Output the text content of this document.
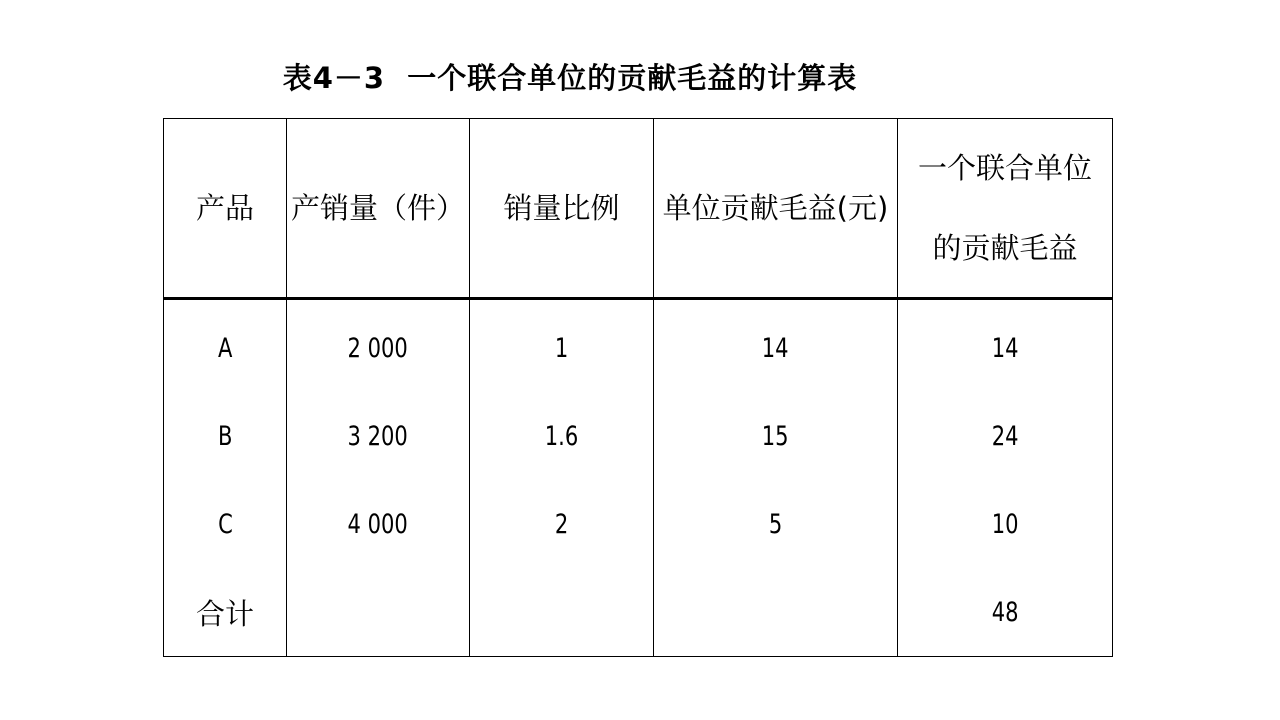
表4－3  一个联合单位的贡献毛益的计算表
产品	产销量（件）	销量比例	单位贡献毛益(元)	一个联合单位
的贡献毛益

A	2 000	1	14	14
B	3 200	1.6	15	24
C	4 000	2	5	10
合计				48
